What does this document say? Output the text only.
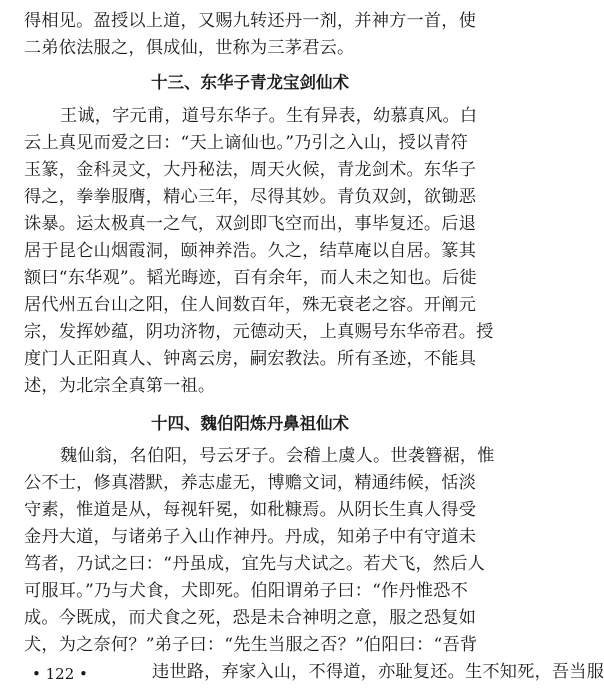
得相见。盈授以上道，又赐九转还丹一剂，并神方一首，使
二弟依法服之，俱成仙，世称为三茅君云。
十三、东华子青龙宝剑仙术
王诚，字元甫，道号东华子。生有异表，幼慕真风。白
云上真见而爱之曰：“天上谪仙也。”乃引之入山，授以青符
玉篆，金科灵文，大丹秘法，周天火候，青龙剑术。东华子
得之，拳拳服膺，精心三年，尽得其妙。青负双剑，欲锄恶
诛暴。运太极真一之气，双剑即飞空而出，事毕复还。后退
居于昆仑山烟霞洞，颐神养浩。久之，结草庵以自居。篆其
额曰“东华观”。韬光晦迹，百有余年，而人未之知也。后徙
居代州五台山之阳，住人间数百年，殊无衰老之容。开阐元
宗，发挥妙蕴，阴功济物，元德动天，上真赐号东华帝君。授
度门人正阳真人、钟离云房，嗣宏教法。所有圣迹，不能具
述，为北宗全真第一祖。
十四、魏伯阳炼丹鼻祖仙术
魏仙翁，名伯阳，号云牙子。会稽上虞人。世袭簪裾，惟
公不士，修真潜默，养志虚无，博赡文词，精通纬候，恬淡
守素，惟道是从，每视轩冕，如秕糠焉。从阴长生真人得受
金丹大道，与诸弟子入山作神丹。丹成，知弟子中有守道未
笃者，乃试之曰：“丹虽成，宜先与犬试之。若犬飞，然后人
可服耳。”乃与犬食，犬即死。伯阳谓弟子曰：“作丹惟恐不
成。今既成，而犬食之死，恐是未合神明之意，服之恐复如
犬，为之奈何？”弟子曰：“先生当服之否？”伯阳曰：“吾背
违世路，弃家入山，不得道，亦耻复还。生不知死，吾当服
• 122 •
